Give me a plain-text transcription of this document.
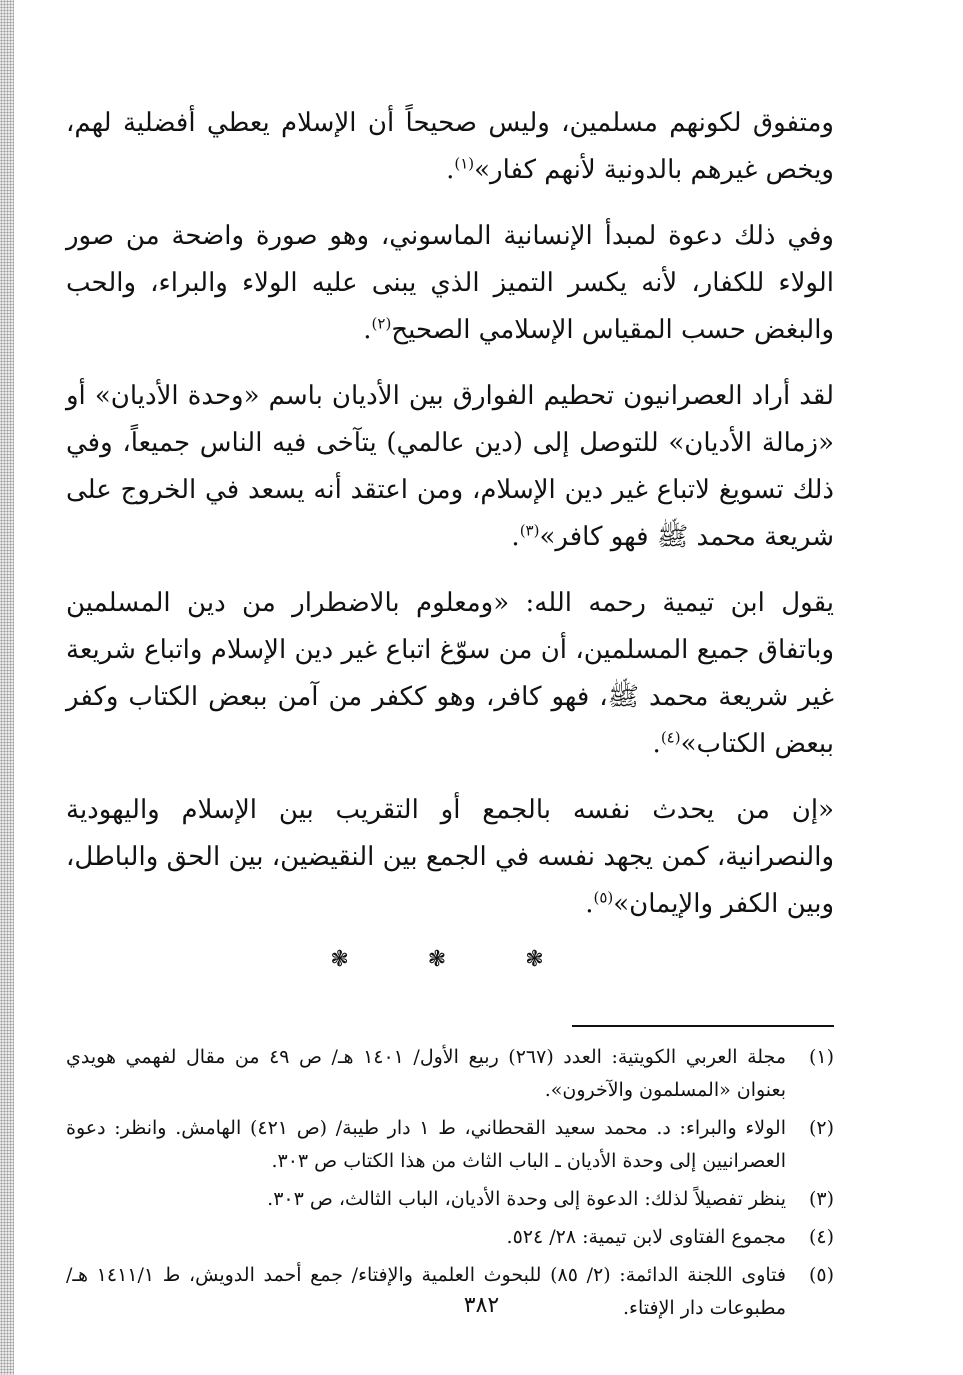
ومتفوق لكونهم مسلمين، وليس صحيحاً أن الإسلام يعطي أفضلية لهم، ويخص غيرهم بالدونية لأنهم كفار»$^{(١)}$.

وفي ذلك دعوة لمبدأ الإنسانية الماسوني، وهو صورة واضحة من صور الولاء للكفار، لأنه يكسر التميز الذي يبنى عليه الولاء والبراء، والحب والبغض حسب المقياس الإسلامي الصحيح$^{(٢)}$.

لقد أراد العصرانيون تحطيم الفوارق بين الأديان باسم «وحدة الأديان» أو «زمالة الأديان» للتوصل إلى (دين عالمي) يتآخى فيه الناس جميعاً، وفي ذلك تسويغ لاتباع غير دين الإسلام، ومن اعتقد أنه يسعد في الخروج على شريعة محمد ﷺ فهو كافر»$^{(٣)}$.

يقول ابن تيمية رحمه الله: «ومعلوم بالاضطرار من دين المسلمين وباتفاق جميع المسلمين، أن من سوّغ اتباع غير دين الإسلام واتباع شريعة غير شريعة محمد ﷺ، فهو كافر، وهو ككفر من آمن ببعض الكتاب وكفر ببعض الكتاب»$^{(٤)}$.

«إن من يحدث نفسه بالجمع أو التقريب بين الإسلام واليهودية والنصرانية، كمن يجهد نفسه في الجمع بين النقيضين، بين الحق والباطل، وبين الكفر والإيمان»$^{(٥)}$.

❃ ❃ ❃
(١)
مجلة العربي الكويتية: العدد (٢٦٧) ربيع الأول/ ١٤٠١ هـ/ ص ٤٩ من مقال لفهمي هويدي بعنوان «المسلمون والآخرون».
(٢)
الولاء والبراء: د. محمد سعيد القحطاني، ط ١ دار طيبة/ (ص ٤٢١) الهامش. وانظر: دعوة العصرانيين إلى وحدة الأديان ـ الباب الثاث من هذا الكتاب ص ٣٠٣.
(٣)
ينظر تفصيلاً لذلك: الدعوة إلى وحدة الأديان، الباب الثالث، ص ٣٠٣.
(٤)
مجموع الفتاوى لابن تيمية: ٢٨/ ٥٢٤.
(٥)
فتاوى اللجنة الدائمة: (٢/ ٨٥) للبحوث العلمية والإفتاء/ جمع أحمد الدويش، ط ١٤١١/١ هـ/ مطبوعات دار الإفتاء.
٣٨٢
